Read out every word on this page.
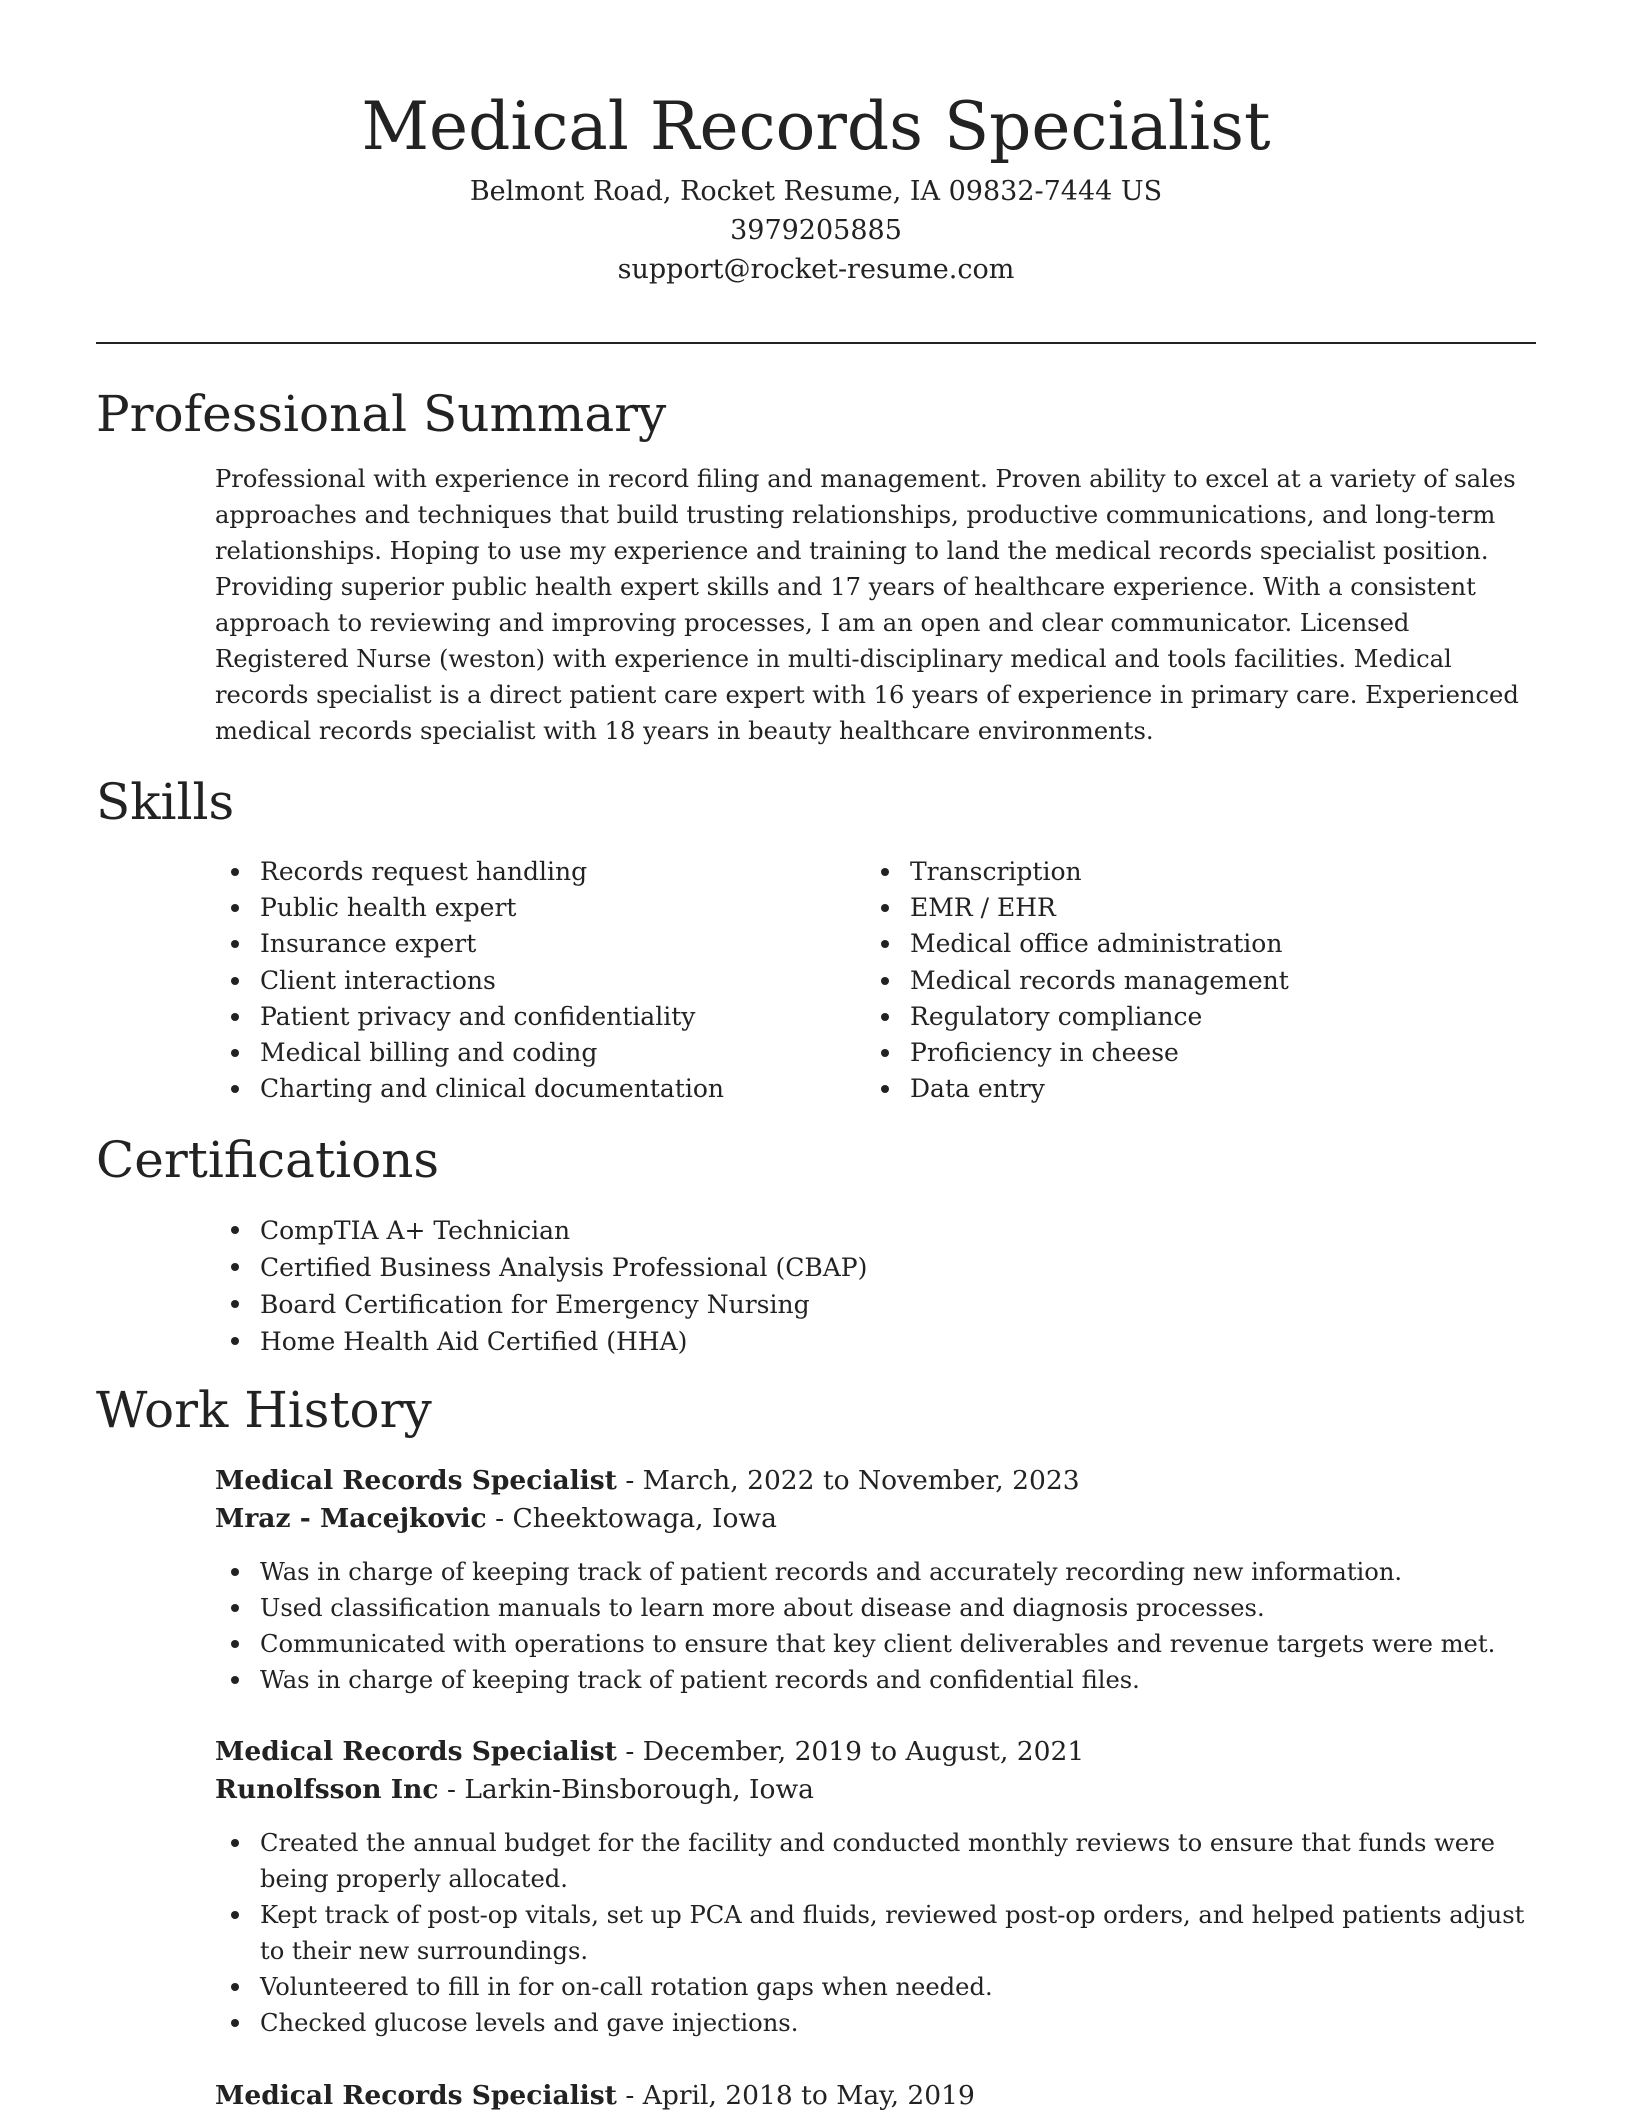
Medical Records Specialist

Belmont Road, Rocket Resume, IA 09832-7444 US

3979205885

support@rocket-resume.com

Professional Summary

Professional with experience in record filing and management. Proven ability to excel at a variety of sales approaches and techniques that build trusting relationships, productive communications, and long-term relationships. Hoping to use my experience and training to land the medical records specialist position. Providing superior public health expert skills and 17 years of healthcare experience. With a consistent approach to reviewing and improving processes, I am an open and clear communicator. Licensed Registered Nurse (weston) with experience in multi-disciplinary medical and tools facilities. Medical records specialist is a direct patient care expert with 16 years of experience in primary care. Experienced medical records specialist with 18 years in beauty healthcare environments.

Skills
Records request handling
Public health expert
Insurance expert
Client interactions
Patient privacy and confidentiality
Medical billing and coding
Charting and clinical documentation
Transcription
EMR / EHR
Medical office administration
Medical records management
Regulatory compliance
Proficiency in cheese
Data entry
Certifications
CompTIA A+ Technician
Certified Business Analysis Professional (CBAP)
Board Certification for Emergency Nursing
Home Health Aid Certified (HHA)
Work History

Medical Records Specialist - March, 2022 to November, 2023

Mraz - Macejkovic - Cheektowaga, Iowa

Was in charge of keeping track of patient records and accurately recording new information.
Used classification manuals to learn more about disease and diagnosis processes.
Communicated with operations to ensure that key client deliverables and revenue targets were met.
Was in charge of keeping track of patient records and confidential files.

Medical Records Specialist - December, 2019 to August, 2021

Runolfsson Inc - Larkin-Binsborough, Iowa

Created the annual budget for the facility and conducted monthly reviews to ensure that funds were being properly allocated.
Kept track of post-op vitals, set up PCA and fluids, reviewed post-op orders, and helped patients adjust to their new surroundings.
Volunteered to fill in for on-call rotation gaps when needed.
Checked glucose levels and gave injections.

Medical Records Specialist - April, 2018 to May, 2019
